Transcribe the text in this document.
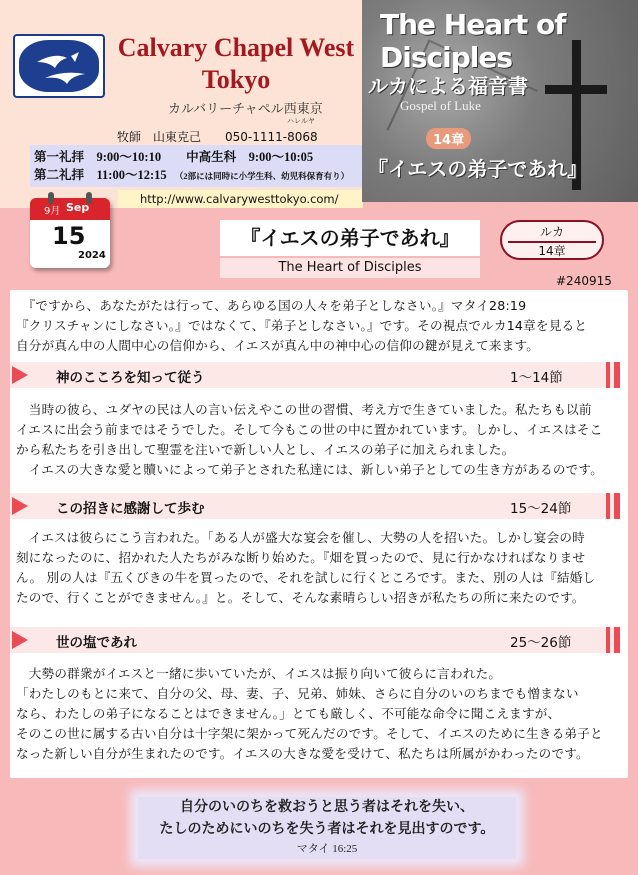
Calvary Chapel West Tokyo
カルバリーチャペル西東京
ハレルヤ
牧師　山東克己　　050-1111-8068
第一礼拝　9:00〜10:10　　中高生科　9:00〜10:05
第二礼拝　11:00〜12:15　 （2部には同時に小学生科、幼児科保育有り）
http://www.calvarywesttokyo.com/
The Heart of Disciples
ルカによる福音書
Gospel of Luke
14章
『イエスの弟子であれ』
9月 Sep
15
2024
『イエスの弟子であれ』
The Heart of Disciples
ルカ
14章
#240915
　『ですから、あなたがたは行って、あらゆる国の人々を弟子としなさい。』マタイ28:19
『クリスチャンにしなさい。』ではなくて、『弟子としなさい。』です。その視点でルカ14章を見ると
自分が真ん中の人間中心の信仰から、イエスが真ん中の神中心の信仰の鍵が見えて来ます。
神のこころを知って従う	1〜14節
　当時の彼ら、ユダヤの民は人の言い伝えやこの世の習慣、考え方で生きていました。私たちも以前
イエスに出会う前まではそうでした。そして今もこの世の中に置かれています。しかし、イエスはそこ
から私たちを引き出して聖霊を注いで新しい人とし、イエスの弟子に加えられました。
　イエスの大きな愛と贖いによって弟子とされた私達には、新しい弟子としての生き方があるのです。
この招きに感謝して歩む	15〜24節
　イエスは彼らにこう言われた。「ある人が盛大な宴会を催し、大勢の人を招いた。しかし宴会の時
刻になったのに、招かれた人たちがみな断り始めた。『畑を買ったので、見に行かなければなりませ
ん。 別の人は『五くびきの牛を買ったので、それを試しに行くところです。また、別の人は『結婚し
たので、行くことができません。』と。そして、そんな素晴らしい招きが私たちの所に来たのです。
世の塩であれ	25〜26節
　大勢の群衆がイエスと一緒に歩いていたが、イエスは振り向いて彼らに言われた。
「わたしのもとに来て、自分の父、母、妻、子、兄弟、姉妹、さらに自分のいのちまでも憎まない
なら、わたしの弟子になることはできません。」とても厳しく、不可能な命令に聞こえますが、
そのこの世に属する古い自分は十字架に架かって死んだのです。そして、イエスのために生きる弟子と
なった新しい自分が生まれたのです。イエスの大きな愛を受けて、私たちは所属がかわったのです。
自分のいのちを救おうと思う者はそれを失い、
たしのためにいのちを失う者はそれを見出すのです。
マタイ 16:25
